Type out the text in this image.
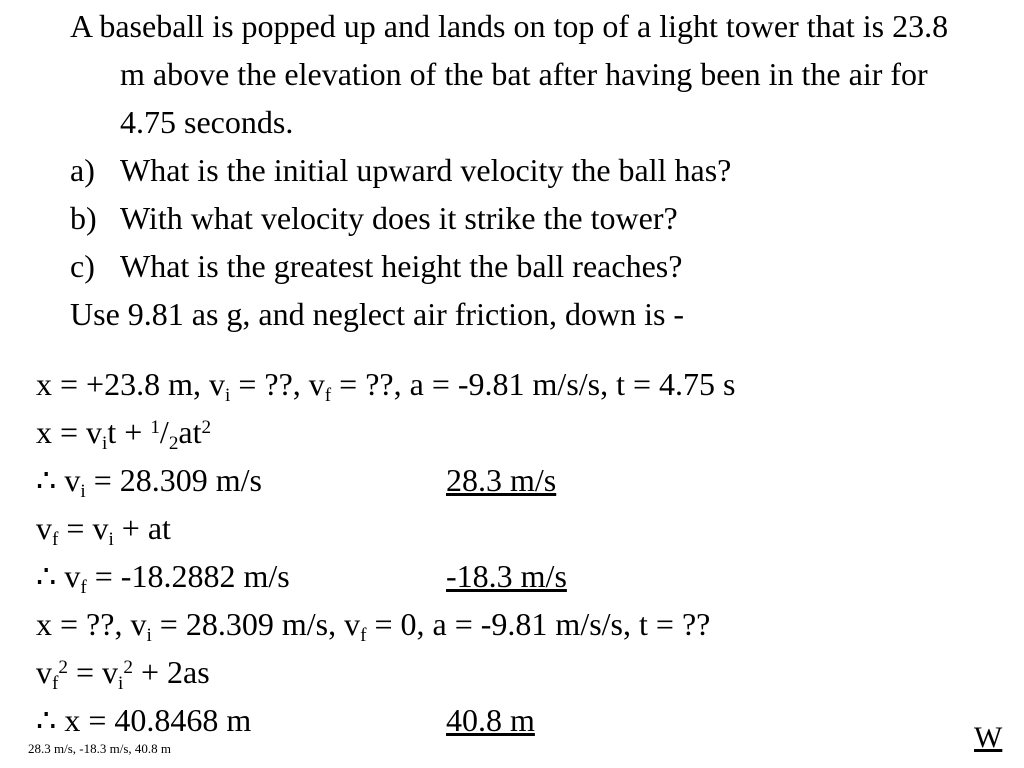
A baseball is popped up and lands on top of a light tower that is 23.8 m above the elevation of the bat after having been in the air for 4.75 seconds.
a) What is the initial upward velocity the ball has?
b) With what velocity does it strike the tower?
c) What is the greatest height the ball reaches?
Use 9.81 as g, and neglect air friction, down is -
x = +23.8 m, $v_i$ = ??, $v_f$ = ??, a = -9.81 m/s/s, t = 4.75 s
$x = v_it + ^1/_2at^2$
∴ $v_i = 28.309$ m/s	28.3 m/s
$v_f = v_i$ + at
∴ $v_f = -18.2882$ m/s	-18.3 m/s
x = ??, $v_i = 28.309$ m/s, $v_f = 0$, a = -9.81 m/s/s, t = ??
$v_f^2 = v_i^2 + 2as$
∴ x = 40.8468 m	40.8 m
28.3 m/s, -18.3 m/s, 40.8 m	W
